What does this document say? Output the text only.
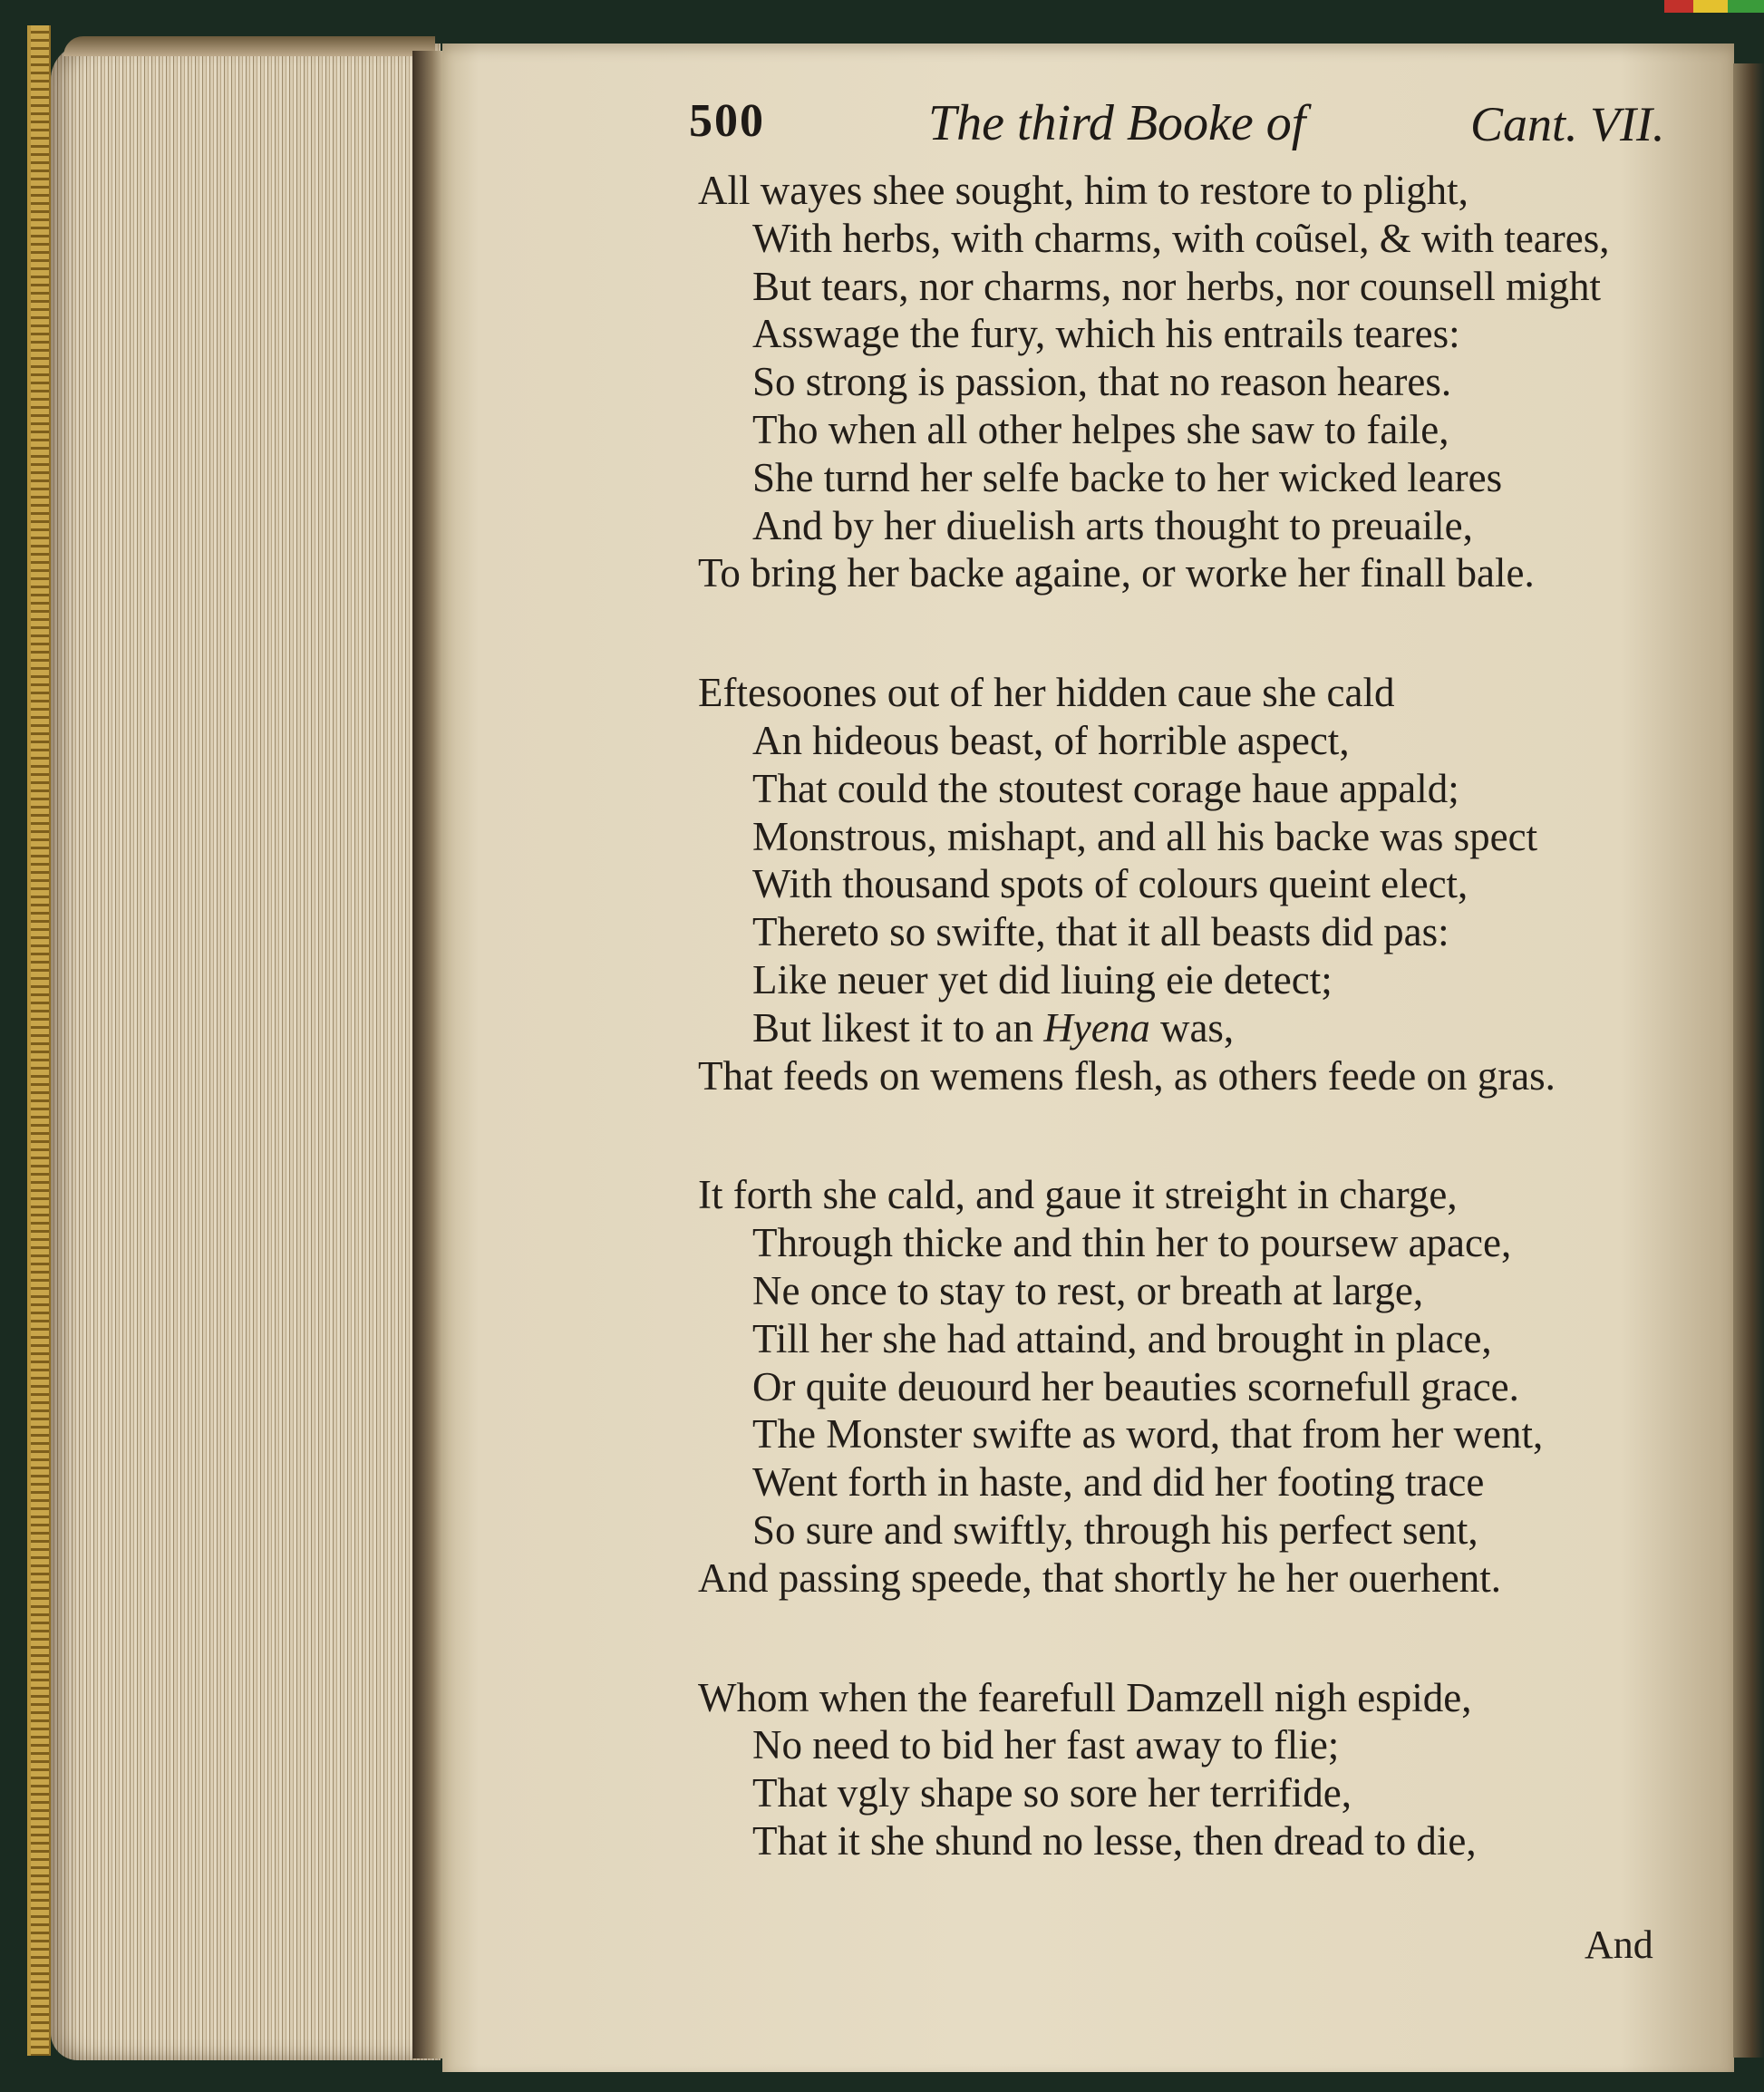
500	The third Booke of	Cant. VII.
All wayes shee sought, him to restore to plight,
With herbs, with charms, with coũsel, & with teares,
But tears, nor charms, nor herbs, nor counsell might
Asswage the fury, which his entrails teares:
So strong is passion, that no reason heares.
Tho when all other helpes she saw to faile,
She turnd her selfe backe to her wicked leares
And by her diuelish arts thought to preuaile,
To bring her backe againe, or worke her finall bale.
Eftesoones out of her hidden caue she cald
An hideous beast, of horrible aspect,
That could the stoutest corage haue appald;
Monstrous, mishapt, and all his backe was spect
With thousand spots of colours queint elect,
Thereto so swifte, that it all beasts did pas:
Like neuer yet did liuing eie detect;
But likest it to an Hyena was,
That feeds on wemens flesh, as others feede on gras.
It forth she cald, and gaue it streight in charge,
Through thicke and thin her to poursew apace,
Ne once to stay to rest, or breath at large,
Till her she had attaind, and brought in place,
Or quite deuourd her beauties scornefull grace.
The Monster swifte as word, that from her went,
Went forth in haste, and did her footing trace
So sure and swiftly, through his perfect sent,
And passing speede, that shortly he her ouerhent.
Whom when the fearefull Damzell nigh espide,
No need to bid her fast away to flie;
That vgly shape so sore her terrifide,
That it she shund no lesse, then dread to die,
And
